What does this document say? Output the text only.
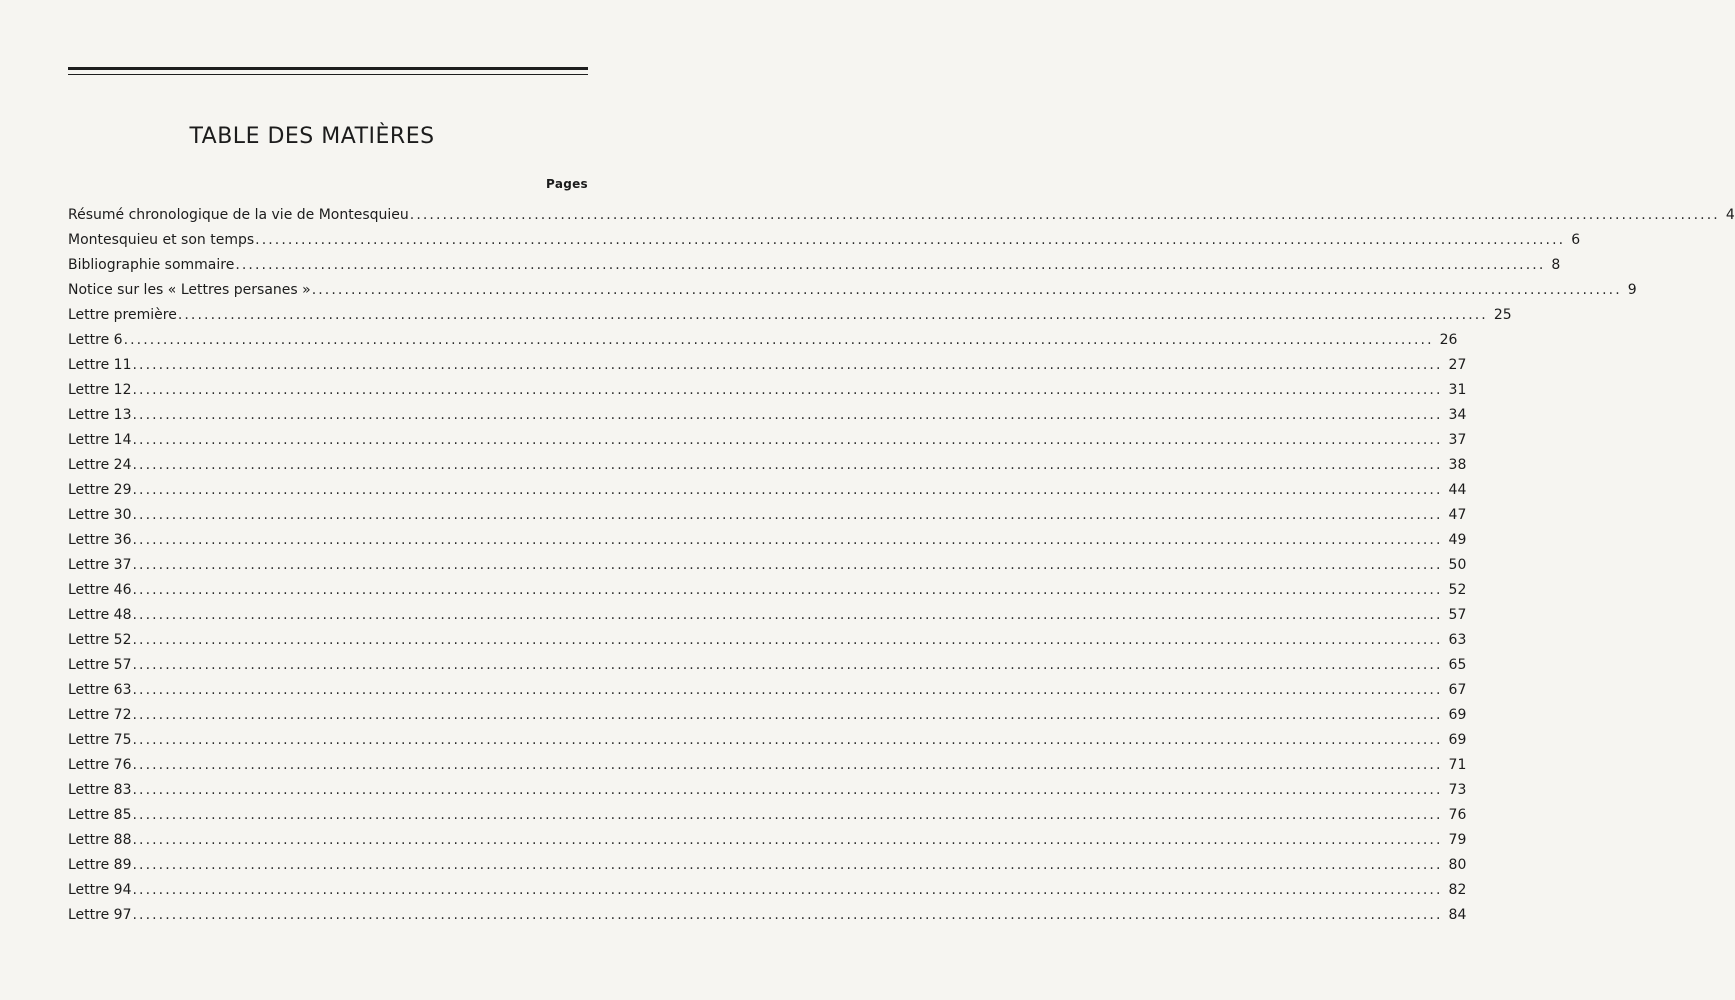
TABLE DES MATIÈRES
Pages
Résumé chronologique de la vie de Montesquieu ........................................................................................................................................................................................................ 4
Montesquieu et son temps ........................................................................................................................................................................................................ 6
Bibliographie sommaire ........................................................................................................................................................................................................ 8
Notice sur les « Lettres persanes » ........................................................................................................................................................................................................ 9
Lettre première ........................................................................................................................................................................................................ 25
Lettre 6 ........................................................................................................................................................................................................ 26
Lettre 11 ........................................................................................................................................................................................................ 27
Lettre 12 ........................................................................................................................................................................................................ 31
Lettre 13 ........................................................................................................................................................................................................ 34
Lettre 14 ........................................................................................................................................................................................................ 37
Lettre 24 ........................................................................................................................................................................................................ 38
Lettre 29 ........................................................................................................................................................................................................ 44
Lettre 30 ........................................................................................................................................................................................................ 47
Lettre 36 ........................................................................................................................................................................................................ 49
Lettre 37 ........................................................................................................................................................................................................ 50
Lettre 46 ........................................................................................................................................................................................................ 52
Lettre 48 ........................................................................................................................................................................................................ 57
Lettre 52 ........................................................................................................................................................................................................ 63
Lettre 57 ........................................................................................................................................................................................................ 65
Lettre 63 ........................................................................................................................................................................................................ 67
Lettre 72 ........................................................................................................................................................................................................ 69
Lettre 75 ........................................................................................................................................................................................................ 69
Lettre 76 ........................................................................................................................................................................................................ 71
Lettre 83 ........................................................................................................................................................................................................ 73
Lettre 85 ........................................................................................................................................................................................................ 76
Lettre 88 ........................................................................................................................................................................................................ 79
Lettre 89 ........................................................................................................................................................................................................ 80
Lettre 94 ........................................................................................................................................................................................................ 82
Lettre 97 ........................................................................................................................................................................................................ 84
